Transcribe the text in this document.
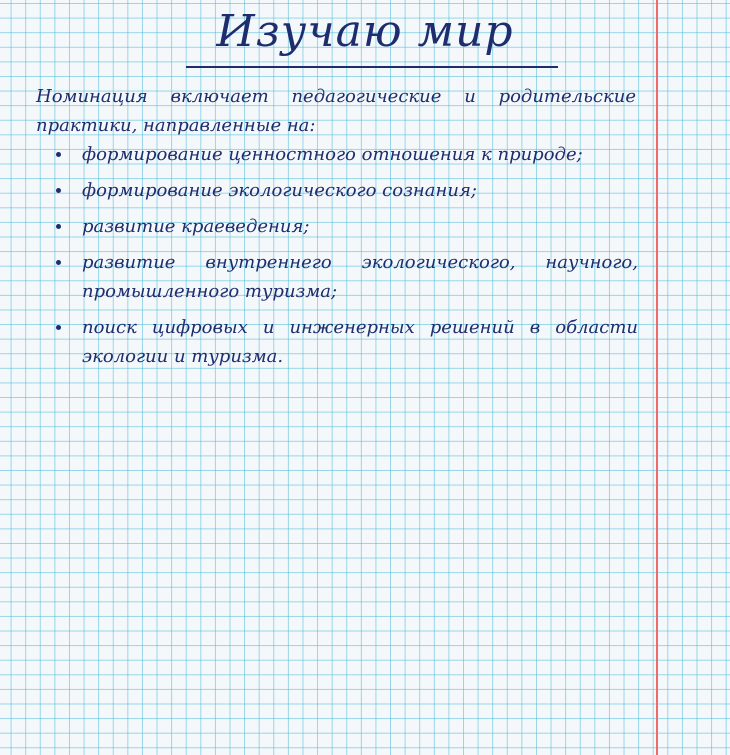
Изучаю мир
Номинация включает педагогические и родительские практики, направленные на:
формирование ценностного отношения к природе;
формирование экологического сознания;
развитие краеведения;
развитие внутреннего экологического, научного, промышленного туризма;
поиск цифровых и инженерных решений в области экологии и туризма.
